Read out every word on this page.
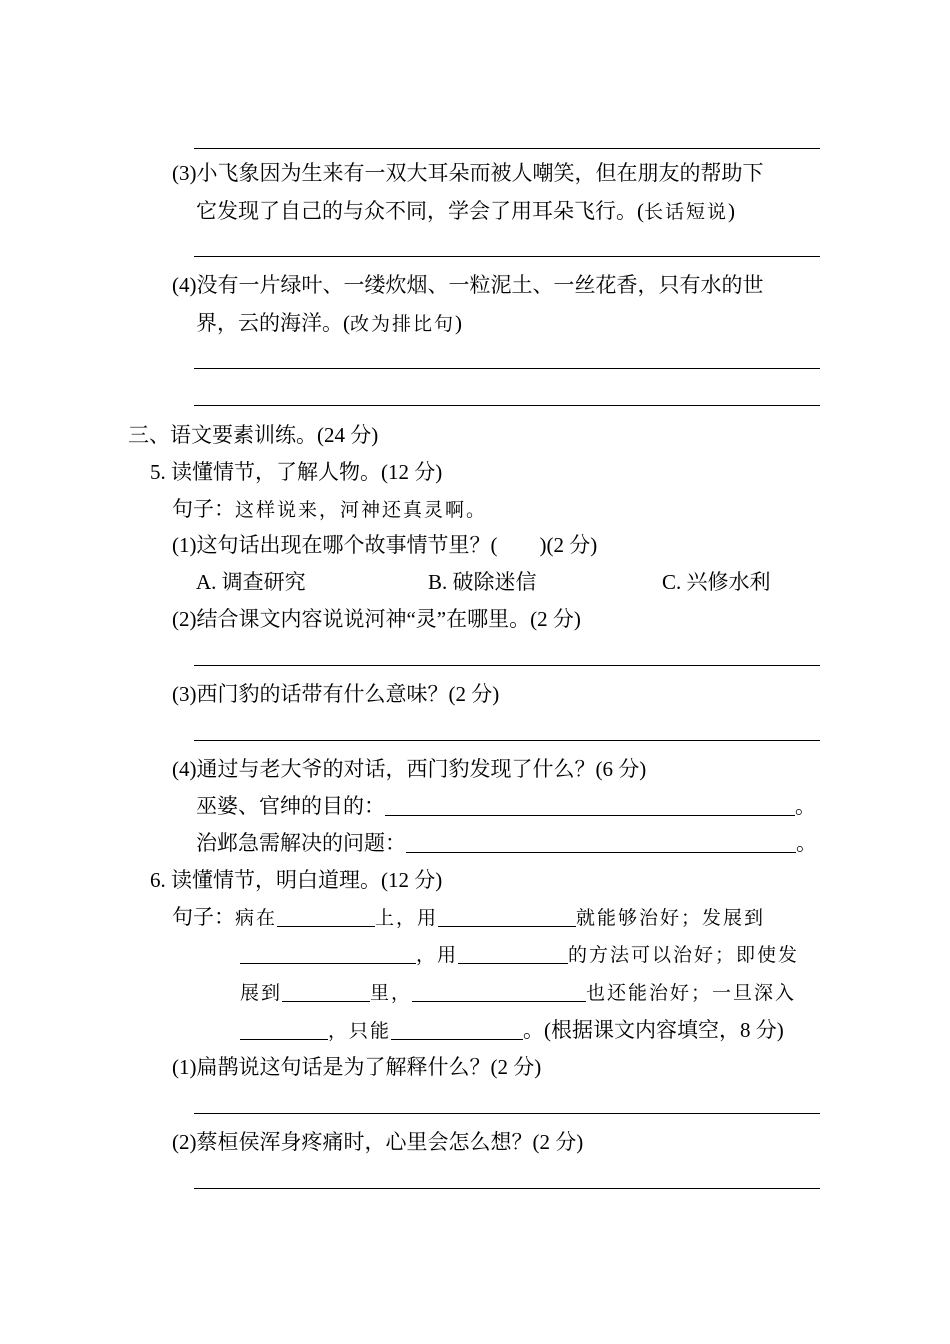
(3)小飞象因为生来有一双大耳朵而被人嘲笑，但在朋友的帮助下
它发现了自己的与众不同，学会了用耳朵飞行。(长话短说)
(4)没有一片绿叶、一缕炊烟、一粒泥土、一丝花香，只有水的世
界，云的海洋。(改为排比句)
三、语文要素训练。(24 分)
5. 读懂情节，了解人物。(12 分)
句子：这样说来，河神还真灵啊。
(1)这句话出现在哪个故事情节里？(　　)(2 分)
A. 调查研究	B. 破除迷信	C. 兴修水利
(2)结合课文内容说说河神“灵”在哪里。(2 分)
(3)西门豹的话带有什么意味？(2 分)
(4)通过与老大爷的对话，西门豹发现了什么？(6 分)
巫婆、官绅的目的：	。
治邺急需解决的问题：	。
6. 读懂情节，明白道理。(12 分)
句子：病在	上，用	就能够治好；发展到
，用	的方法可以治好；即使发
展到	里，	也还能治好；一旦深入
，只能	。(根据课文内容填空，8 分)
(1)扁鹊说这句话是为了解释什么？(2 分)
(2)蔡桓侯浑身疼痛时，心里会怎么想？(2 分)
